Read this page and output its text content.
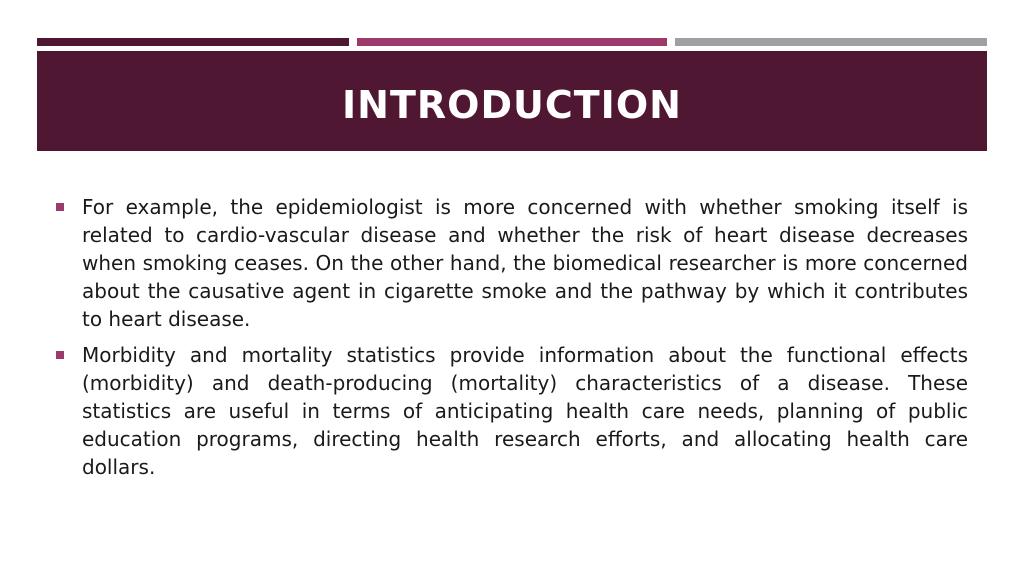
INTRODUCTION
For example, the epidemiologist is more concerned with whether smoking itself is related to cardio-vascular disease and whether the risk of heart disease decreases when smoking ceases. On the other hand, the biomedical researcher is more concerned about the causative agent in cigarette smoke and the pathway by which it contributes to heart disease.
Morbidity and mortality statistics provide information about the functional effects (morbidity) and death-producing (mortality) characteristics of a disease. These statistics are useful in terms of anticipating health care needs, planning of public education programs, directing health research efforts, and allocating health care dollars.
